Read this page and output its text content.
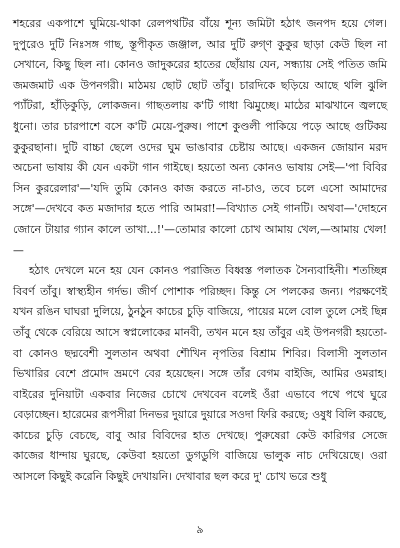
শহরের একপাশে ঘুমিয়ে-থাকা রেলপথটির বাঁয়ে শূন্য জমিটা হঠাৎ জনপদ হয়ে গেল। দুপুরেও দুটি নিঃসঙ্গ গাছ, স্তূপীকৃত জঞ্জাল, আর দুটি রুগ্ণ কুকুর ছাড়া কেউ ছিল না সেখানে, কিছু ছিল না। কোনও জাদুকরের হাতের ছোঁয়ায় যেন, সন্ধ্যায় সেই পতিত জমি জমজমাট এক উপনগরী। মাঠময় ছোট ছোট তাঁবু। চারদিকে ছড়িয়ে আছে থলি ঝুলি প্যাঁটরা, হাঁড়িকুড়ি, লোকজন। গাছতলায় ক'টি গাধা ঝিমুচ্ছে। মাঠের মাঝখানে জ্বলছে ধুনো। তার চারপাশে বসে ক'টি মেয়ে-পুরুষ। পাশে কুণ্ডলী পাকিয়ে পড়ে আছে গুটিকয় কুকুরছানা। দুটি বাচ্চা ছেলে ওদের ঘুম ভাঙাবার চেষ্টায় আছে। একজন জোয়ান মরদ অচেনা ভাষায় কী যেন একটা গান গাইছে। হয়তো অন্য কোনও ভাষায় সেই—'পা বিবির সিন কুররেলার'—'যদি তুমি কোনও কাজ করতে না-চাও, তবে চলে এসো আমাদের সঙ্গে'—দেখবে কত মজাদার হতে পারি আমরা!—বিখ্যাত সেই গানটি। অথবা—'দোহনে জোনে টায়ার গ্যান কালে তাখা...!'—তোমার কালো চোখ আমায় খেল,—আমায় খেল!—

হঠাৎ দেখলে মনে হয় যেন কোনও পরাজিত বিধ্বস্ত পলাতক সৈন্যবাহিনী। শতচ্ছিন্ন বিবর্ণ তাঁবু। স্বাস্থ্যহীন গর্দভ। জীর্ণ পোশাক পরিচ্ছদ। কিন্তু সে পলকের জন্য। পরক্ষণেই যখন রঙিন ঘাঘরা দুলিয়ে, ঠুনঠুন কাচের চুড়ি বাজিয়ে, পায়ের মলে বোল তুলে সেই ছিন্ন তাঁবু থেকে বেরিয়ে আসে স্বপ্নলোকের মানবী, তখন মনে হয় তাঁবুর এই উপনগরী হয়তো-বা কোনও ছদ্মবেশী সুলতান অথবা শৌখিন নৃপতির বিশ্রাম শিবির। বিলাসী সুলতান ভিখারির বেশে প্রমোদ ভ্রমণে বের হয়েছেন। সঙ্গে তাঁর বেগম বাইজি, আমির ওমরাহ। বাইরের দুনিয়াটা একবার নিজের চোখে দেখবেন বলেই ওঁরা এভাবে পথে পথে ঘুরে বেড়াচ্ছেন। হারেমের রূপসীরা দিনভর দুয়ারে দুয়ারে সওদা ফিরি করছে; ওষুধ বিলি করছে, কাচের চুড়ি বেচছে, বাবু আর বিবিদের হাত দেখছে। পুরুষেরা কেউ কারিগর সেজে কাজের ধান্দায় ঘুরছে, কেউবা হয়তো ডুগডুগি বাজিয়ে ভালুক নাচ দেখিয়েছে। ওরা আসলে কিছুই করেনি কিছুই দেখায়নি। দেখাবার ছল করে দু' চোখ ভরে শুধু

৯
